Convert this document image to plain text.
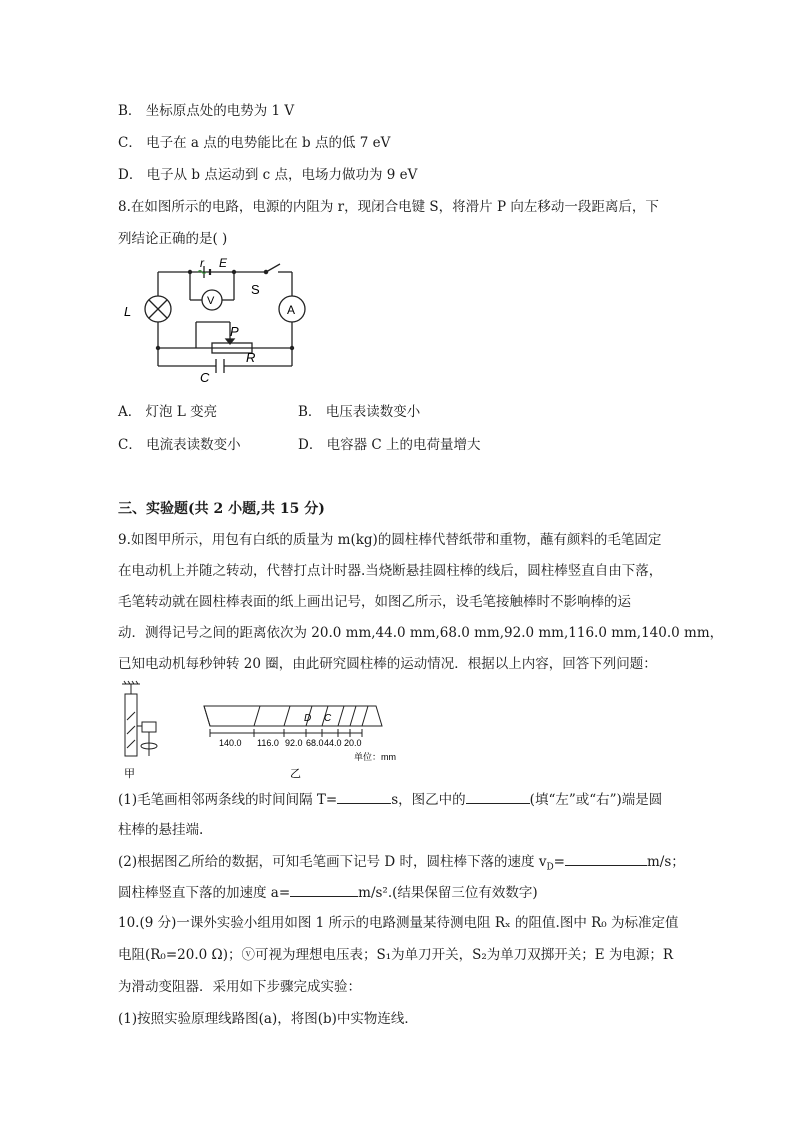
B． 坐标原点处的电势为 1 V
C． 电子在 a 点的电势能比在 b 点的低 7 eV
D． 电子从 b 点运动到 c 点，电场力做功为 9 eV
8.在如图所示的电路，电源的内阻为 r，现闭合电键 S，将滑片 P 向左移动一段距离后，下
列结论正确的是( )
r E
V
S
A
L
P
R
C
A． 灯泡 L 变亮	B． 电压表读数变小
C． 电流表读数变小	D． 电容器 C 上的电荷量增大
三、实验题(共 2 小题,共 15 分)
9.如图甲所示，用包有白纸的质量为 m(kg)的圆柱棒代替纸带和重物，蘸有颜料的毛笔固定
在电动机上并随之转动，代替打点计时器.当烧断悬挂圆柱棒的线后，圆柱棒竖直自由下落，
毛笔转动就在圆柱棒表面的纸上画出记号，如图乙所示，设毛笔接触棒时不影响棒的运
动．测得记号之间的距离依次为 20.0 mm,44.0 mm,68.0 mm,92.0 mm,116.0 mm,140.0 mm，
已知电动机每秒钟转 20 圈，由此研究圆柱棒的运动情况．根据以上内容，回答下列问题：
甲
D C
140.0 116.0 92.0 68.0 44.0 20.0
单位：mm
乙
(1)毛笔画相邻两条线的时间间隔 T=	s，图乙中的	(填“左”或“右”)端是圆
柱棒的悬挂端.
(2)根据图乙所给的数据，可知毛笔画下记号 D 时，圆柱棒下落的速度 $v_D=$	m/s；
圆柱棒竖直下落的加速度 a=	m/s².(结果保留三位有效数字)
10.(9 分)一课外实验小组用如图 1 所示的电路测量某待测电阻 Rₓ 的阻值.图中 R₀ 为标准定值
电阻(R₀=20.0 Ω)；ⓥ可视为理想电压表；S₁为单刀开关，S₂为单刀双掷开关；E 为电源；R
为滑动变阻器．采用如下步骤完成实验：
(1)按照实验原理线路图(a)，将图(b)中实物连线．
